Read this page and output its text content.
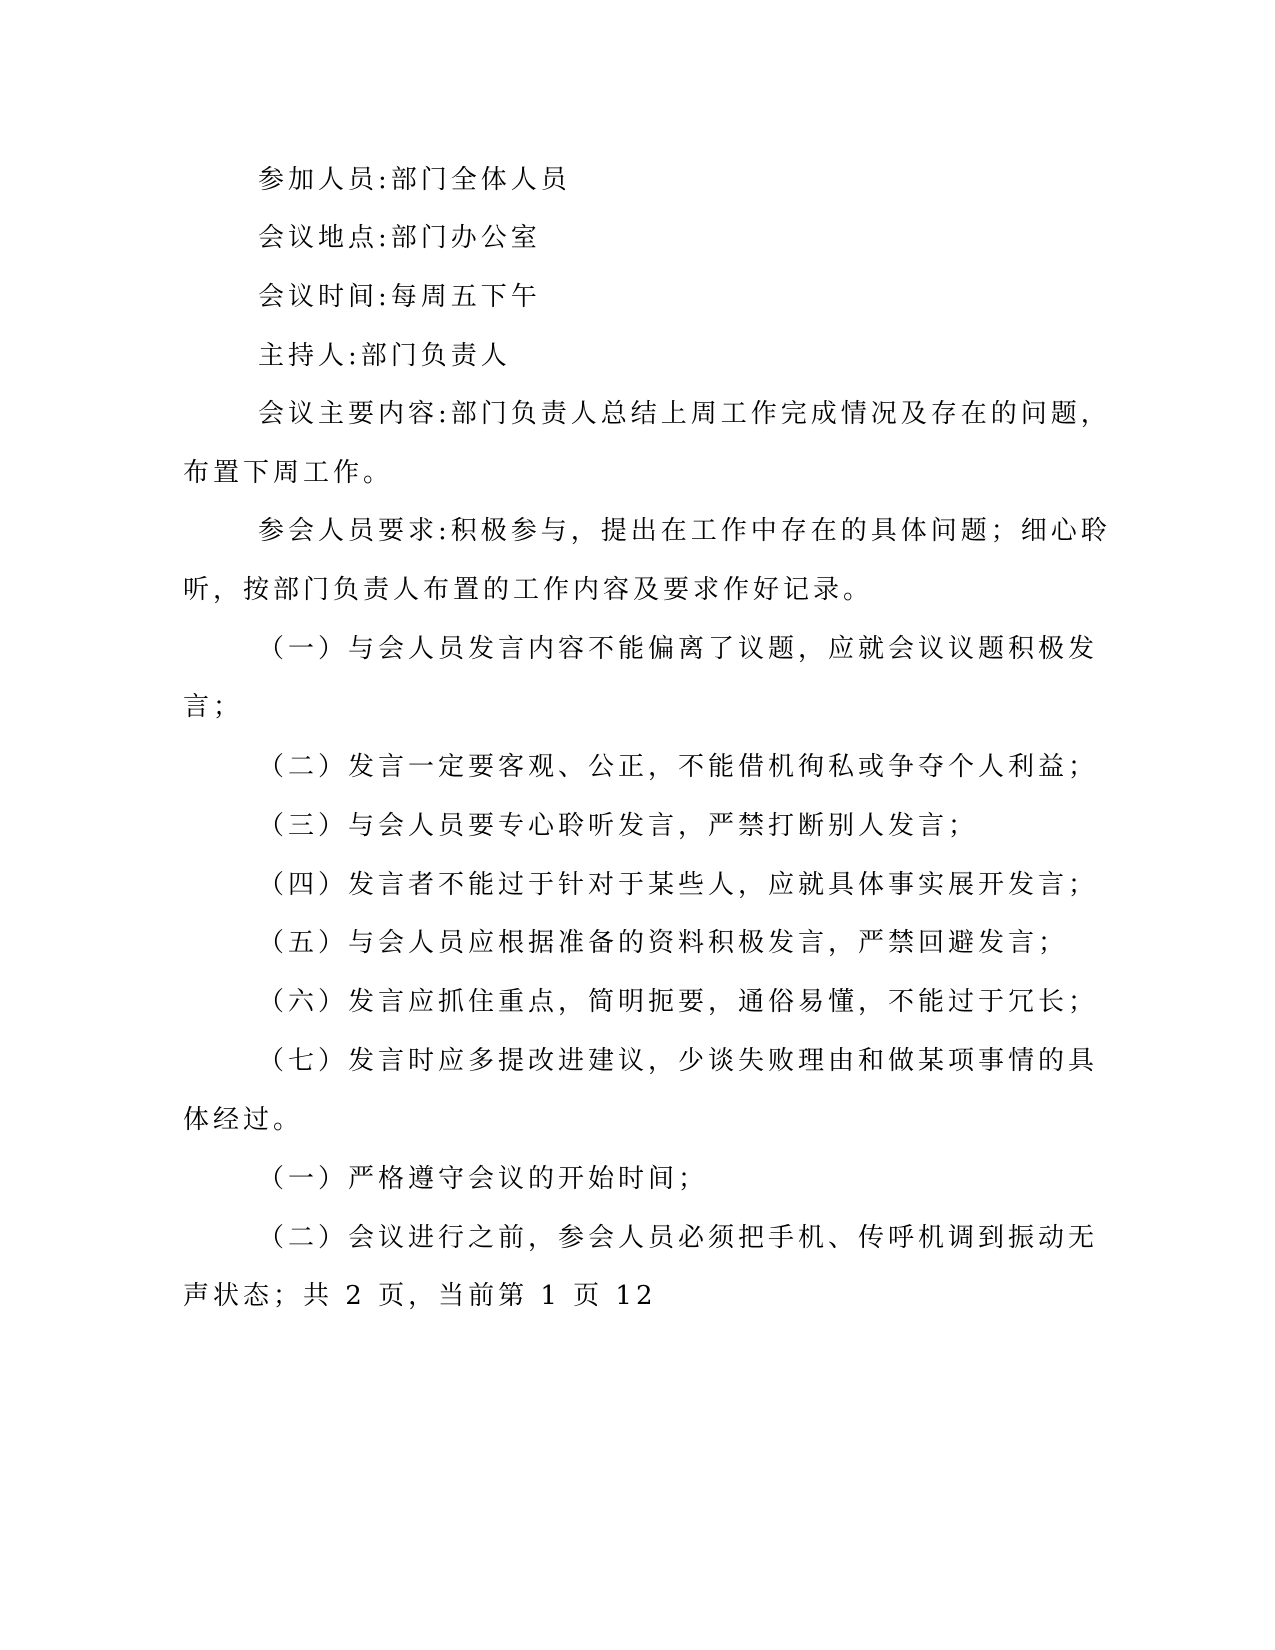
参加人员:部门全体人员
会议地点:部门办公室
会议时间:每周五下午
主持人:部门负责人
会议主要内容:部门负责人总结上周工作完成情况及存在的问题，
布置下周工作。
参会人员要求:积极参与，提出在工作中存在的具体问题；细心聆
听，按部门负责人布置的工作内容及要求作好记录。
（一）与会人员发言内容不能偏离了议题，应就会议议题积极发
言；
（二）发言一定要客观、公正，不能借机徇私或争夺个人利益；
（三）与会人员要专心聆听发言，严禁打断别人发言；
（四）发言者不能过于针对于某些人，应就具体事实展开发言；
（五）与会人员应根据准备的资料积极发言，严禁回避发言；
（六）发言应抓住重点，简明扼要，通俗易懂，不能过于冗长；
（七）发言时应多提改进建议，少谈失败理由和做某项事情的具
体经过。
（一）严格遵守会议的开始时间；
（二）会议进行之前，参会人员必须把手机、传呼机调到振动无
声状态；共 2 页，当前第 1 页 12
